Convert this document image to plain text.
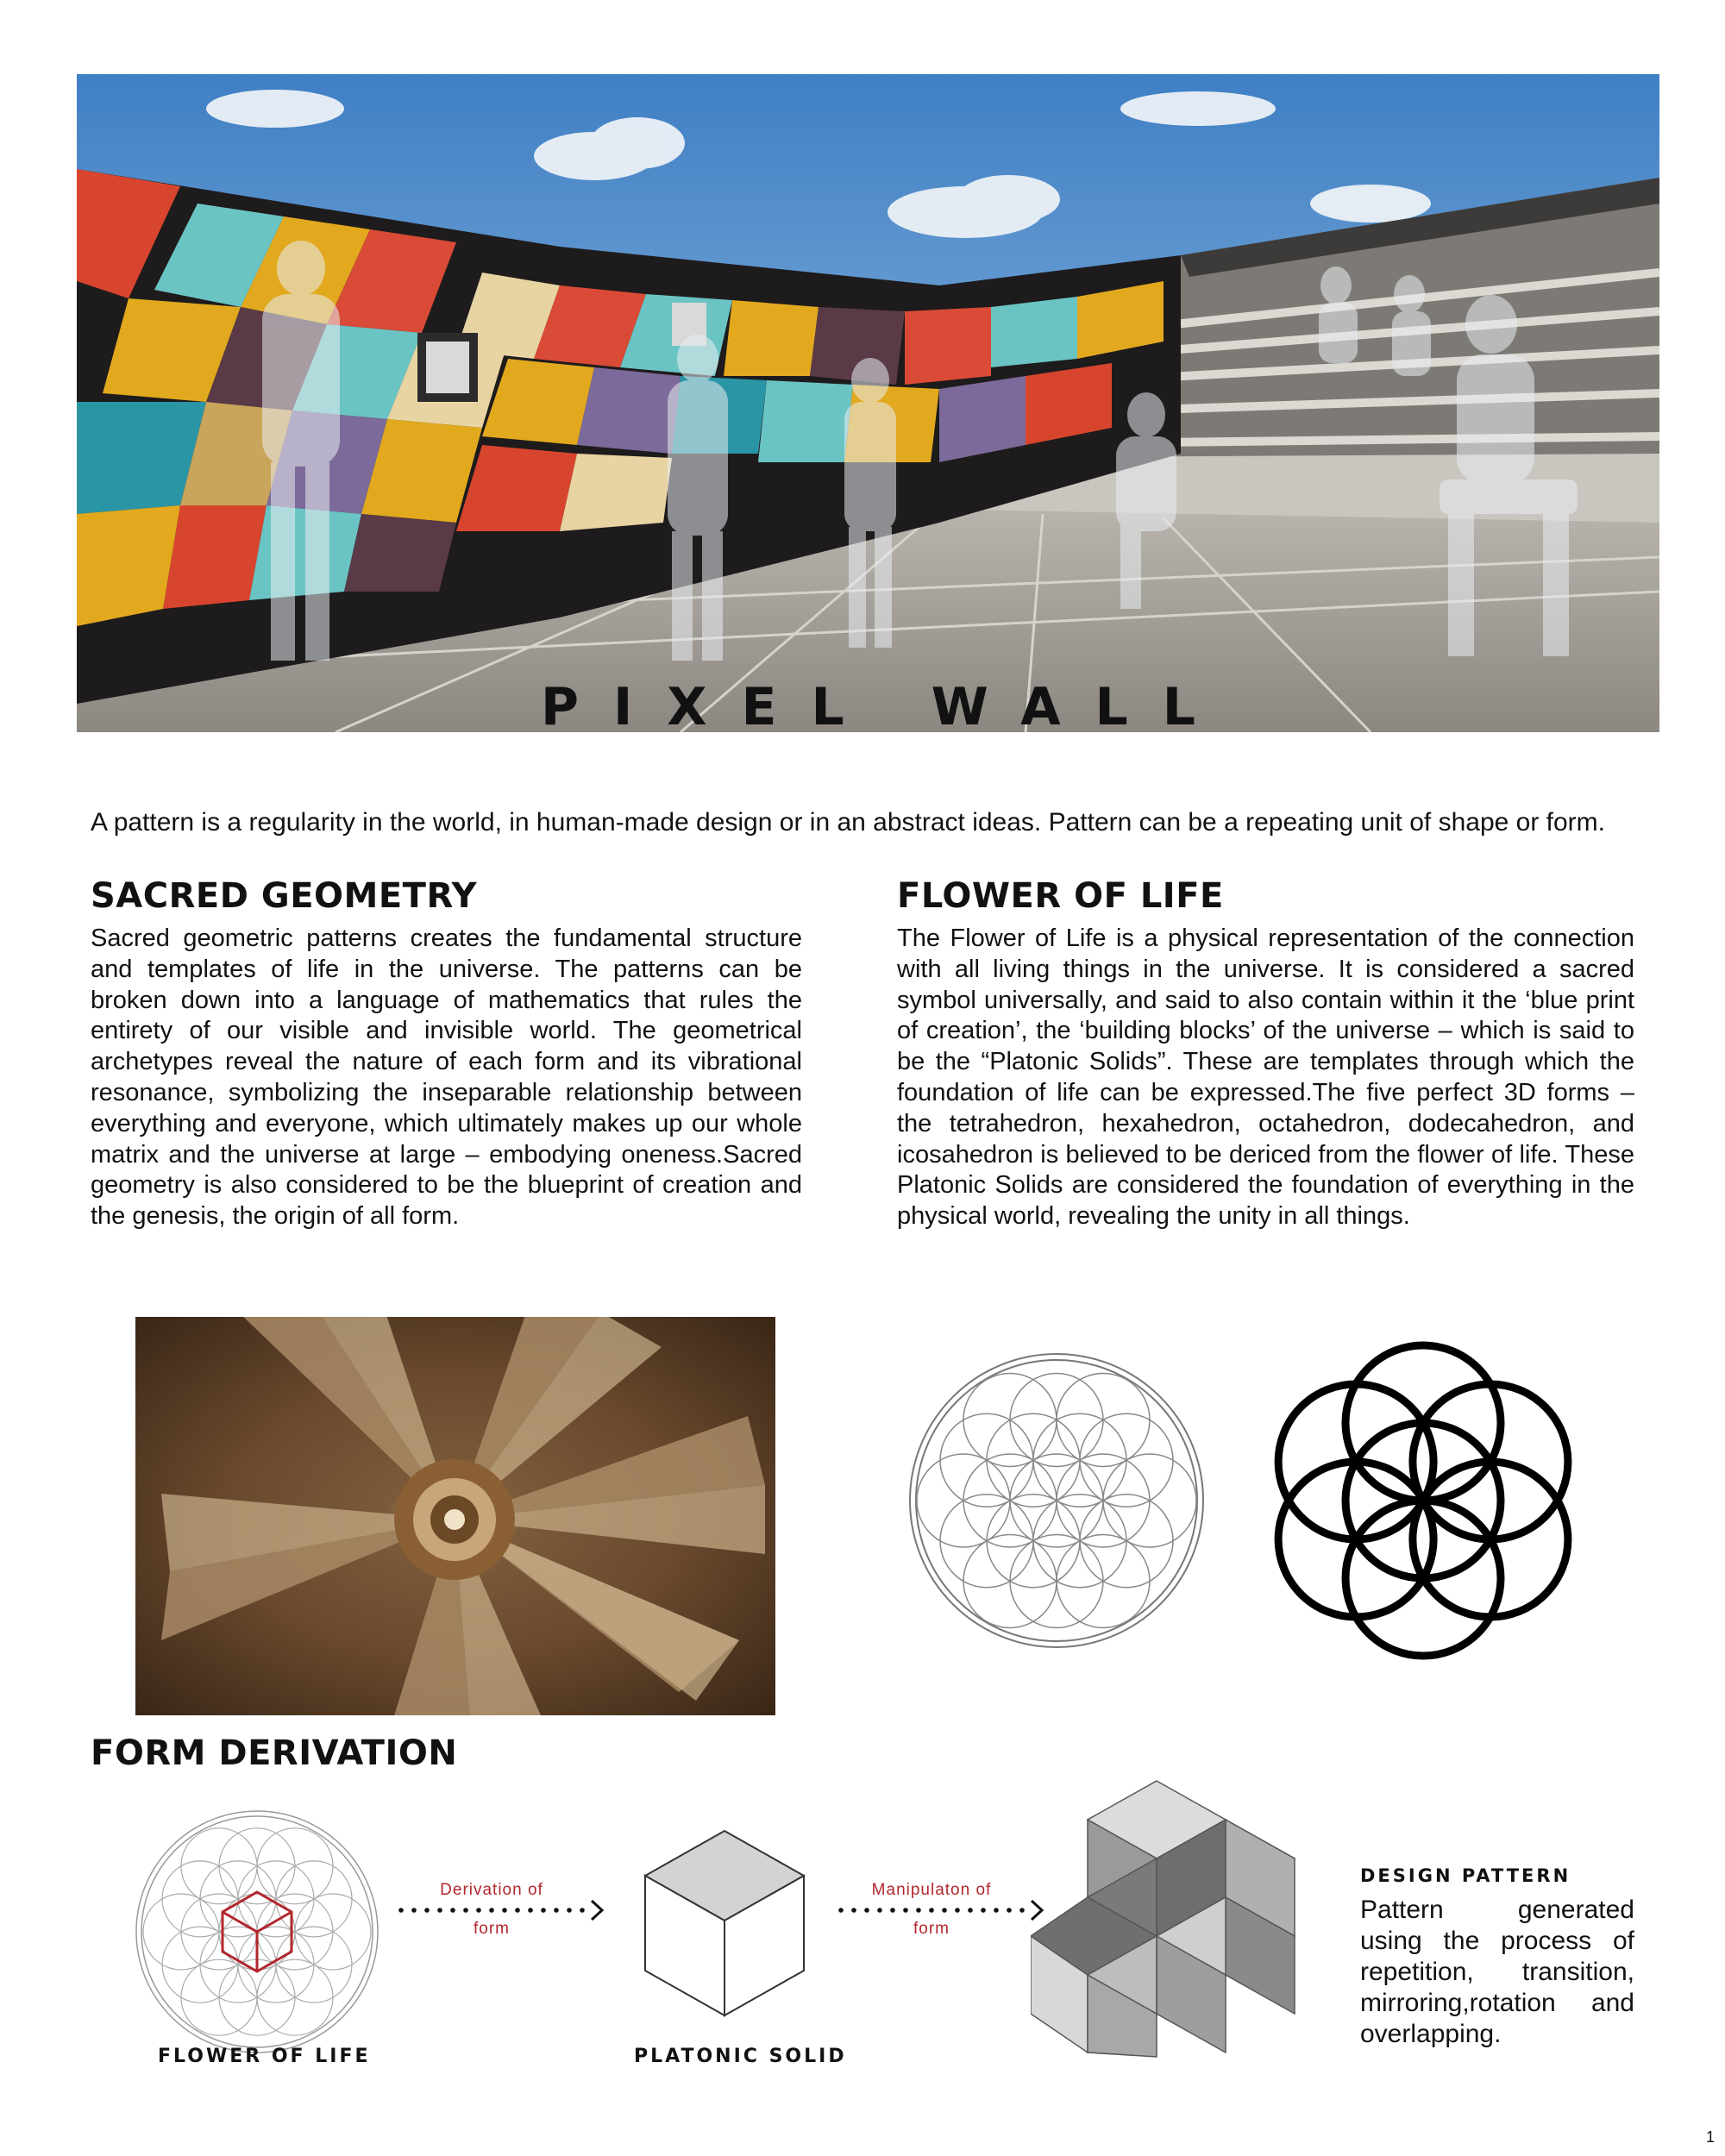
PIXEL WALL
A pattern is a regularity in the world, in human-made design or in an abstract ideas. Pattern can be a repeating unit of shape or form.
SACRED GEOMETRY
Sacred geometric patterns creates the fundamental structure and templates of life in the universe. The patterns can be broken down into a language of mathematics that rules the entirety of our visible and invisible world. The geometrical archetypes reveal the nature of each form and its vibrational resonance, symbolizing the inseparable relationship between everything and everyone, which ultimately makes up our whole matrix and the universe at large – embodying oneness.Sacred geometry is also considered to be the blueprint of creation and the genesis, the origin of all form.
FLOWER OF LIFE
The Flower of Life is a physical representation of the connection with all living things in the universe. It is considered a sacred symbol universally, and said to also contain within it the ‘blue print of creation’, the ‘building blocks’ of the universe – which is said to be the “Platonic Solids”. These are templates through which the foundation of life can be expressed.The five perfect 3D forms – the tetrahedron, hexahedron, octahedron, dodecahedron, and icosahedron is believed to be dericed from the flower of life. These Platonic Solids are considered the foundation of everything in the physical world, revealing the unity in all things.
FORM DERIVATION
FLOWER OF LIFE
Derivation of
form
PLATONIC SOLID
Manipulaton of
form
DESIGN PATTERN
Pattern generated using the process of repetition, transition, mirroring,rotation and overlapping.
1
